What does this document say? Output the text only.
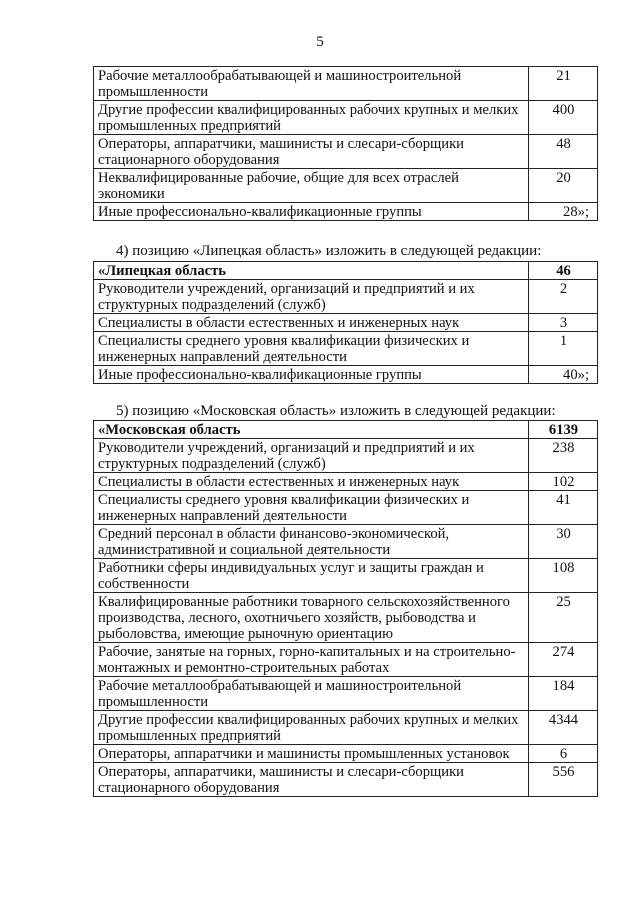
5
Рабочие металлообрабатывающей и машиностроительной промышленности	21
Другие профессии квалифицированных рабочих крупных и мелких промышленных предприятий	400
Операторы, аппаратчики, машинисты и слесари-сборщики стационарного оборудования	48
Неквалифицированные рабочие, общие для всех отраслей экономики	20
Иные профессионально-квалификационные группы	28»;
4) позицию «Липецкая область» изложить в следующей редакции:
«Липецкая область	46
Руководители учреждений, организаций и предприятий и их структурных подразделений (служб)	2
Специалисты в области естественных и инженерных наук	3
Специалисты среднего уровня квалификации физических и инженерных направлений деятельности	1
Иные профессионально-квалификационные группы	40»;
5) позицию «Московская область» изложить в следующей редакции:
«Московская область	6139
Руководители учреждений, организаций и предприятий и их структурных подразделений (служб)	238
Специалисты в области естественных и инженерных наук	102
Специалисты среднего уровня квалификации физических и инженерных направлений деятельности	41
Средний персонал в области финансово-экономической, административной и социальной деятельности	30
Работники сферы индивидуальных услуг и защиты граждан и собственности	108
Квалифицированные работники товарного сельскохозяйственного производства, лесного, охотничьего хозяйств, рыбоводства и рыболовства, имеющие рыночную ориентацию	25
Рабочие, занятые на горных, горно-капитальных и на строительно-монтажных и ремонтно-строительных работах	274
Рабочие металлообрабатывающей и машиностроительной промышленности	184
Другие профессии квалифицированных рабочих крупных и мелких промышленных предприятий	4344
Операторы, аппаратчики и машинисты промышленных установок	6
Операторы, аппаратчики, машинисты и слесари-сборщики стационарного оборудования	556
